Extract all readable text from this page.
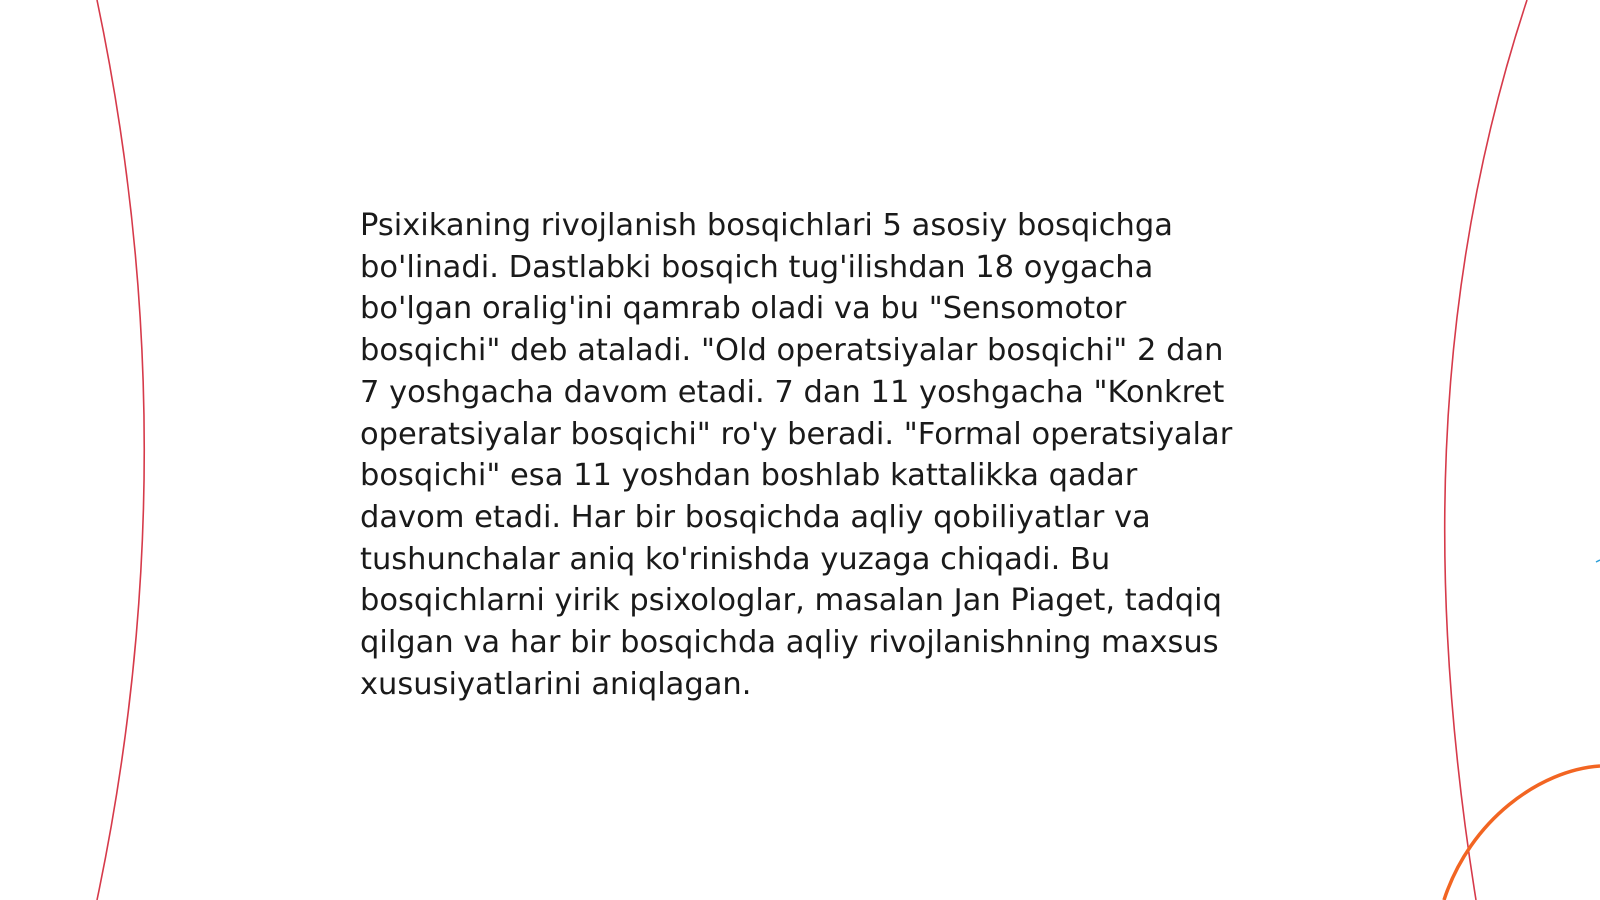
Psixikaning rivojlanish bosqichlari 5 asosiy bosqichga bo'linadi. Dastlabki bosqich tug'ilishdan 18 oygacha bo'lgan oralig'ini qamrab oladi va bu "Sensomotor bosqichi" deb ataladi. "Old operatsiyalar bosqichi" 2 dan 7 yoshgacha davom etadi. 7 dan 11 yoshgacha "Konkret operatsiyalar bosqichi" ro'y beradi. "Formal operatsiyalar bosqichi" esa 11 yoshdan boshlab kattalikka qadar davom etadi. Har bir bosqichda aqliy qobiliyatlar va tushunchalar aniq ko'rinishda yuzaga chiqadi. Bu bosqichlarni yirik psixologlar, masalan Jan Piaget, tadqiq qilgan va har bir bosqichda aqliy rivojlanishning maxsus xususiyatlarini aniqlagan.
